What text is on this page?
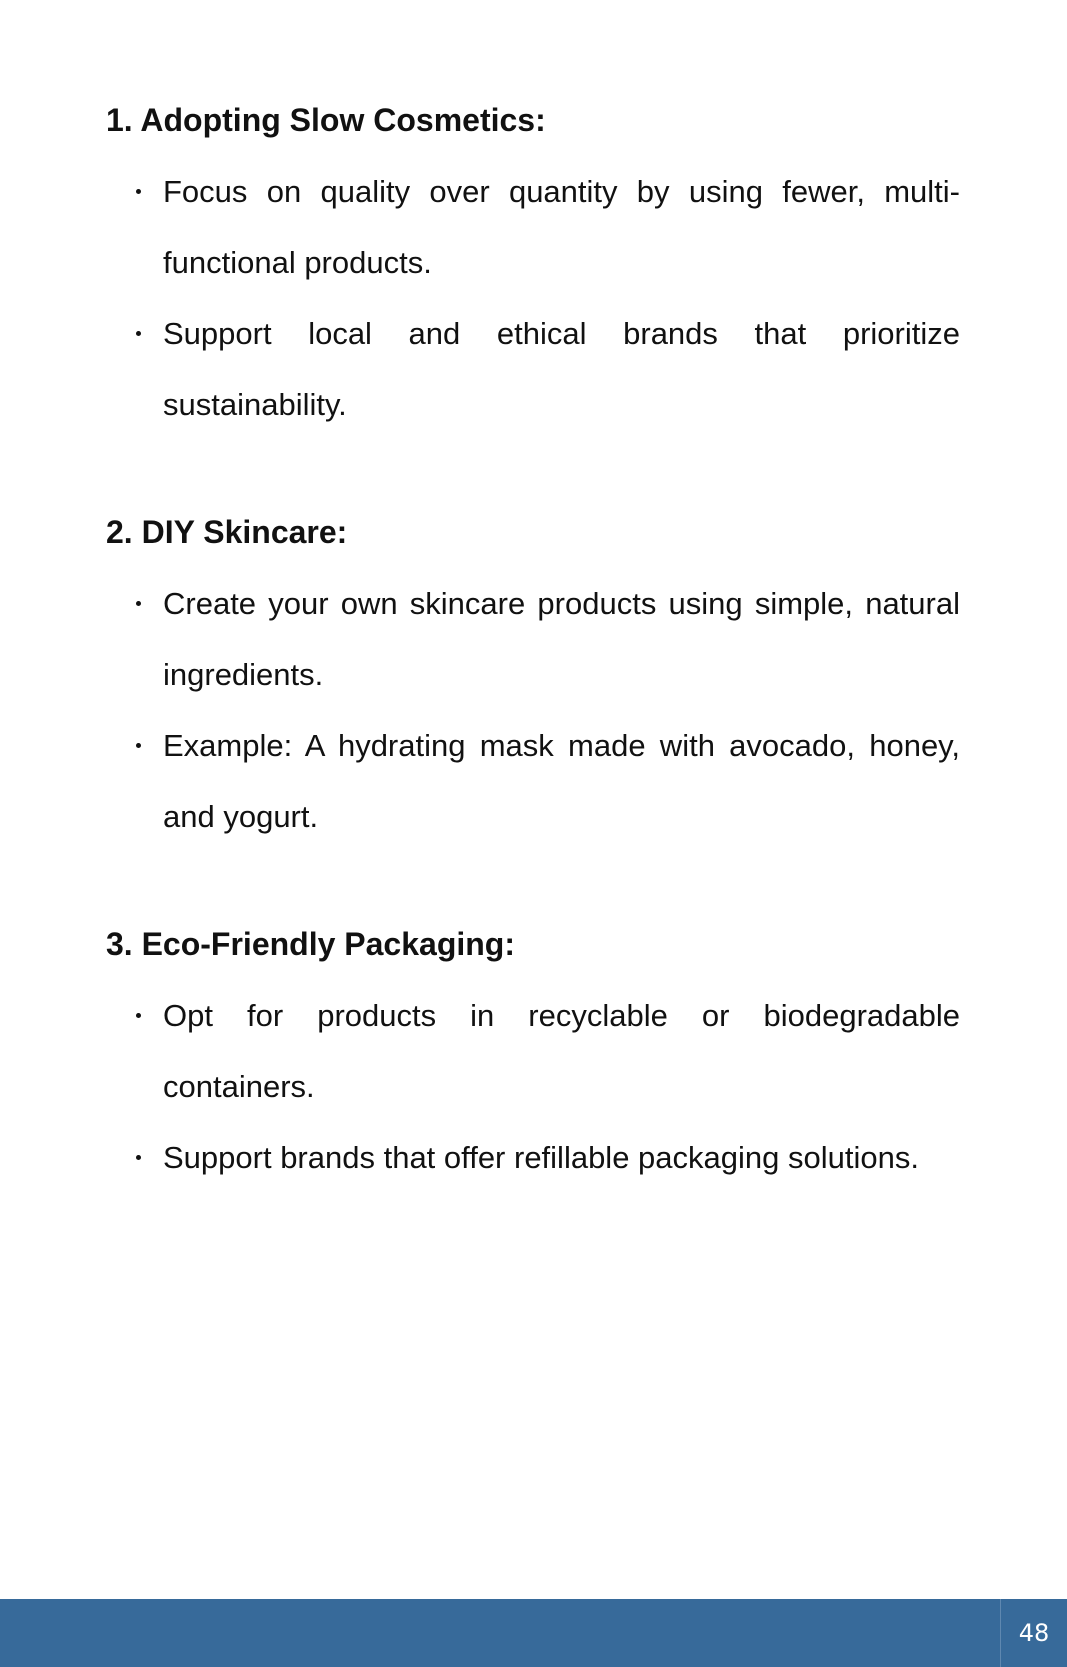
1. Adopting Slow Cosmetics:
Focus on quality over quantity by using fewer, multi-functional products.
Support local and ethical brands that prioritize sustainability.
2. DIY Skincare:
Create your own skincare products using simple, natural ingredients.
Example: A hydrating mask made with avocado, honey, and yogurt.
3. Eco-Friendly Packaging:
Opt for products in recyclable or biodegradable containers.
Support brands that offer refillable packaging solutions.
48
